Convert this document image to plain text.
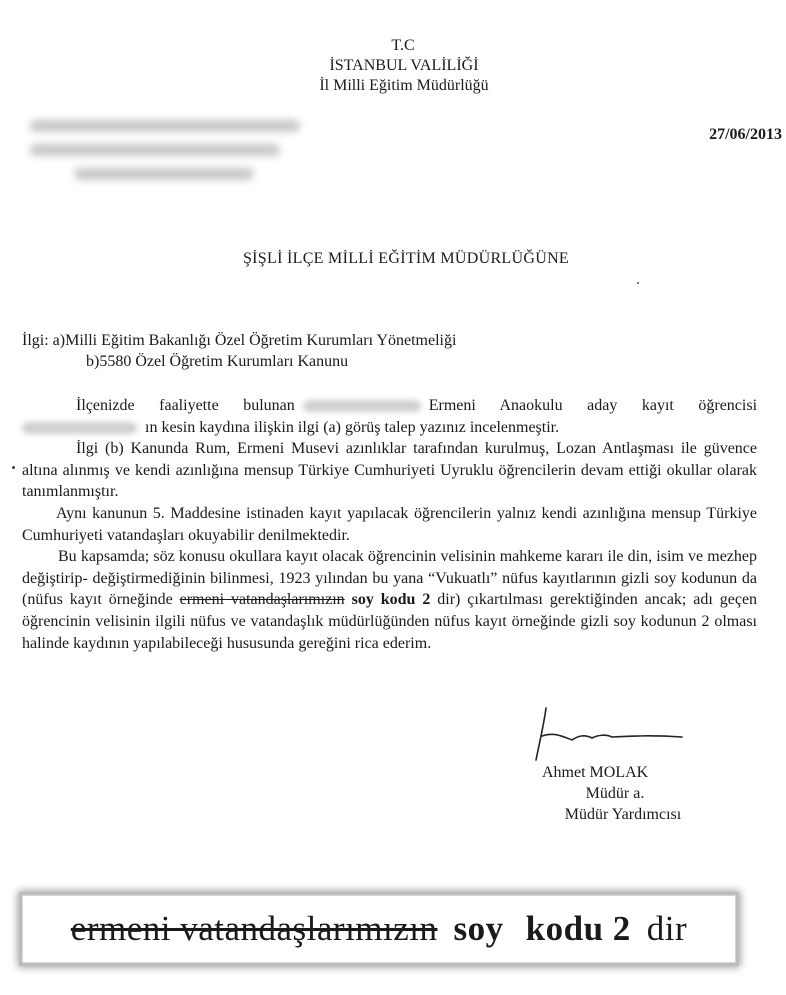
T.C
İSTANBUL VALİLİĞİ
İl Milli Eğitim Müdürlüğü
27/06/2013
ŞİŞLİ İLÇE MİLLİ EĞİTİM MÜDÜRLÜĞÜNE
İlgi: a)Milli Eğitim Bakanlığı Özel Öğretim Kurumları Yönetmeliği
b)5580 Özel Öğretim Kurumları Kanunu

İlçenizde faaliyette bulunan	Ermeni Anaokulu aday kayıt öğrencisi ın kesin kaydına ilişkin ilgi (a) görüş talep yazınız incelenmeştir.

İlgi (b) Kanunda Rum, Ermeni Musevi azınlıklar tarafından kurulmuş, Lozan Antlaşması ile güvence altına alınmış ve kendi azınlığına mensup Türkiye Cumhuriyeti Uyruklu öğrencilerin devam ettiği okullar olarak tanımlanmıştır.

Aynı kanunun 5. Maddesine istinaden kayıt yapılacak öğrencilerin yalnız kendi azınlığına mensup Türkiye Cumhuriyeti vatandaşları okuyabilir denilmektedir.

Bu kapsamda; söz konusu okullara kayıt olacak öğrencinin velisinin mahkeme kararı ile din, isim ve mezhep değiştirip- değiştirmediğinin bilinmesi, 1923 yılından bu yana “Vukuatlı” nüfus kayıtlarının gizli soy kodunun da (nüfus kayıt örneğinde ermeni vatandaşlarımızın soy kodu 2 dir) çıkartılması gerektiğinden ancak; adı geçen öğrencinin velisinin ilgili nüfus ve vatandaşlık müdürlüğünden nüfus kayıt örneğinde gizli soy kodunun 2 olması halinde kaydının yapılabileceği hususunda gereğini rica ederim.

Ahmet MOLAK
Müdür a.
Müdür Yardımcısı
ermeni vatandaşlarımızın soy kodu 2 dir
